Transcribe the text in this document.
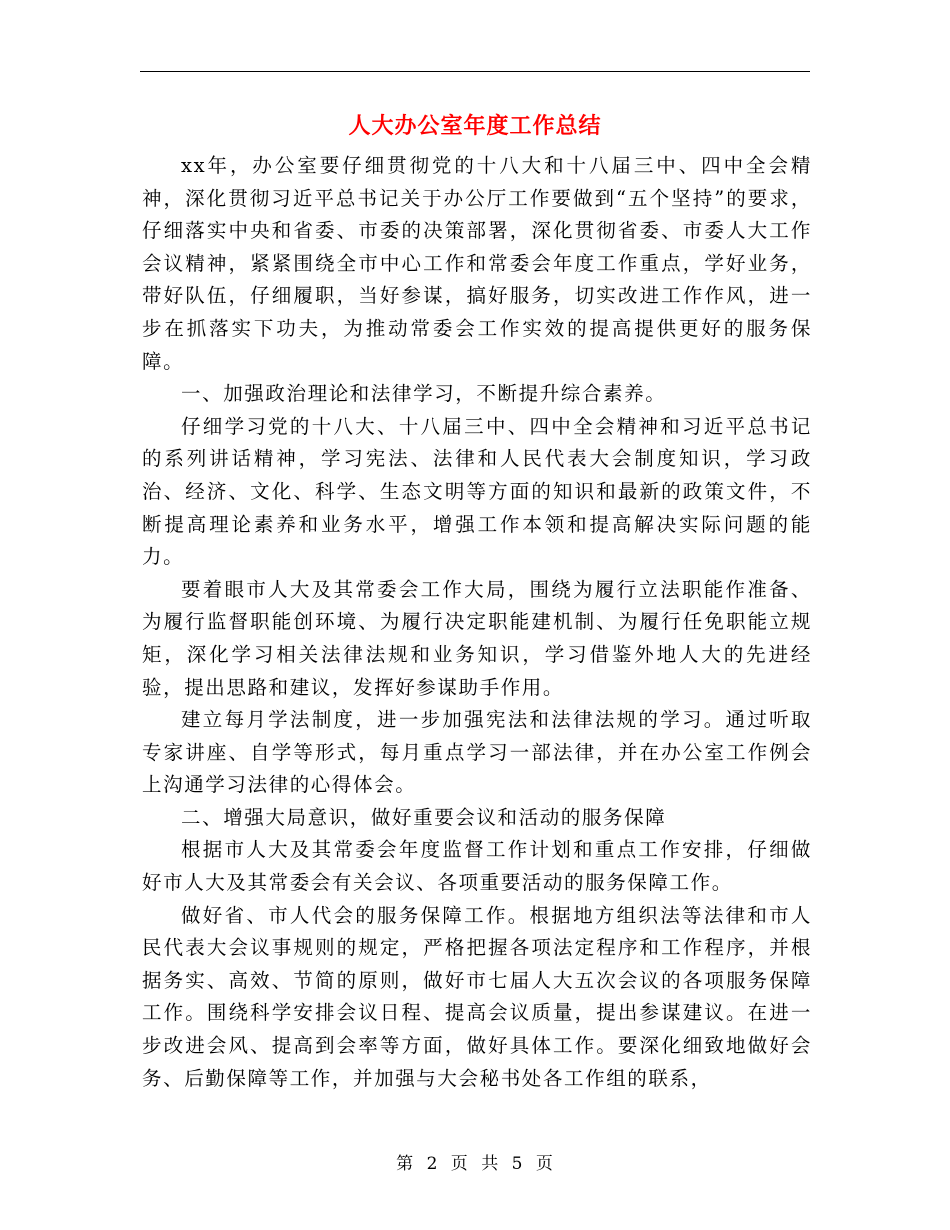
人大办公室年度工作总结

xx年，办公室要仔细贯彻党的十八大和十八届三中、四中全会精神，深化贯彻习近平总书记关于办公厅工作要做到“五个坚持”的要求，仔细落实中央和省委、市委的决策部署，深化贯彻省委、市委人大工作会议精神，紧紧围绕全市中心工作和常委会年度工作重点，学好业务，带好队伍，仔细履职，当好参谋，搞好服务，切实改进工作作风，进一步在抓落实下功夫，为推动常委会工作实效的提高提供更好的服务保障。

一、加强政治理论和法律学习，不断提升综合素养。

仔细学习党的十八大、十八届三中、四中全会精神和习近平总书记的系列讲话精神，学习宪法、法律和人民代表大会制度知识，学习政治、经济、文化、科学、生态文明等方面的知识和最新的政策文件，不断提高理论素养和业务水平，增强工作本领和提高解决实际问题的能力。

要着眼市人大及其常委会工作大局，围绕为履行立法职能作准备、为履行监督职能创环境、为履行决定职能建机制、为履行任免职能立规矩，深化学习相关法律法规和业务知识，学习借鉴外地人大的先进经验，提出思路和建议，发挥好参谋助手作用。

建立每月学法制度，进一步加强宪法和法律法规的学习。通过听取专家讲座、自学等形式，每月重点学习一部法律，并在办公室工作例会上沟通学习法律的心得体会。

二、增强大局意识，做好重要会议和活动的服务保障

根据市人大及其常委会年度监督工作计划和重点工作安排，仔细做好市人大及其常委会有关会议、各项重要活动的服务保障工作。

做好省、市人代会的服务保障工作。根据地方组织法等法律和市人民代表大会议事规则的规定，严格把握各项法定程序和工作程序，并根据务实、高效、节简的原则，做好市七届人大五次会议的各项服务保障工作。围绕科学安排会议日程、提高会议质量，提出参谋建议。在进一步改进会风、提高到会率等方面，做好具体工作。要深化细致地做好会务、后勤保障等工作，并加强与大会秘书处各工作组的联系，

第 2 页 共 5 页
